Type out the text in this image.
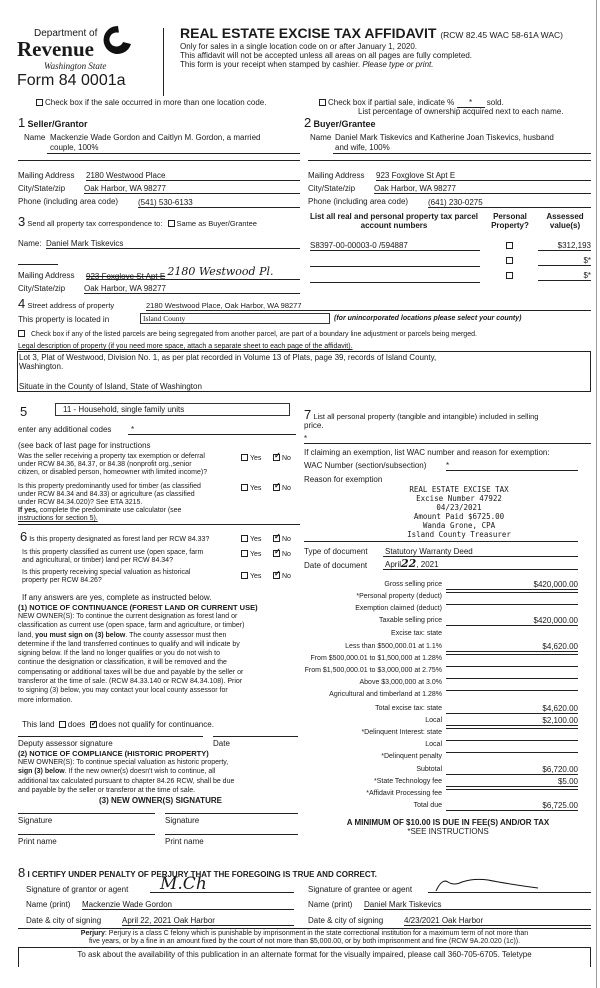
Department of
Revenue
Washington State
Form 84 0001a
REAL ESTATE EXCISE TAX AFFIDAVIT (RCW 82.45 WAC 58-61A WAC)
Only for sales in a single location code on or after January 1, 2020.
This affidavit will not be accepted unless all areas on all pages are fully completed.
This form is your receipt when stamped by cashier. Please type or print.
Check box if the sale occurred in more than one location code.	Check box if partial sale, indicate % * sold.
List percentage of ownership acquired next to each name.
1 Seller/Grantor
Name Mackenzie Wade Gordon and Caitlyn M. Gordon, a married
couple, 100%
Mailing Address 2180 Westwood Place
City/State/zip Oak Harbor, WA 98277
Phone (including area code) (541) 530-6133
2 Buyer/Grantee
Name Daniel Mark Tiskevics and Katherine Joan Tiskevics, husband
and wife, 100%
Mailing Address 923 Foxglove St Apt E
City/State/zip Oak Harbor, WA 98277
Phone (including area code) (641) 230-0275
3 Send all property tax correspondence to: Same as Buyer/Grantee
Name: Daniel Mark Tiskevics
Mailing Address 923 Foxglove St Apt E 2180 Westwood Pl.
City/State/zip Oak Harbor, WA 98277
List all real and personal property tax parcel account numbers
Personal Property?
Assessed value(s)
S8397-00-00003-0 /594887	$312,193
$*
$*
4 Street address of property	2180 Westwood Place, Oak Harbor, WA 98277
This property is located in	Island County	(for unincorporated locations please select your county)
Check box if any of the listed parcels are being segregated from another parcel, are part of a boundary line adjustment or parcels being merged.
Legal description of property (if you need more space, attach a separate sheet to each page of the affidavit).
Lot 3, Plat of Westwood, Division No. 1, as per plat recorded in Volume 13 of Plats, page 39, records of Island County,
Washington.
Situate in the County of Island, State of Washington
5	11 - Household, single family units
enter any additional codes	*
(see back of last page for instructions
Was the seller receiving a property tax exemption or deferral
under RCW 84.36, 84.37, or 84.38 (nonprofit org.,senior
citizen, or disabled person, homeowner with limited income)?
Yes ✓	No
Is this property predominantly used for timber (as classified
under RCW 84.34 and 84.33) or agriculture (as classified
under RCW 84.34.020)? See ETA 3215.
If yes, complete the predominate use calculator (see
instructions for section 5).
Yes ✓	No
6 Is this property designated as forest land per RCW 84.33?	Yes ✓	No
Is this property classified as current use (open space, farm
and agricultural, or timber) land per RCW 84.34?
Yes ✓	No
Is this property receiving special valuation as historical
property per RCW 84.26?
Yes ✓	No
If any answers are yes, complete as instructed below.
(1) NOTICE OF CONTINUANCE (FOREST LAND OR CURRENT USE)
NEW OWNER(S): To continue the current designation as forest land or
classification as current use (open space, farm and agriculture, or timber)
land, you must sign on (3) below. The county assessor must then
determine if the land transferred continues to qualify and will indicate by
signing below. If the land no longer qualifies or you do not wish to
continue the designation or classification, it will be removed and the
compensating or additional taxes will be due and payable by the seller or
transferor at the time of sale. (RCW 84.33.140 or RCW 84.34.108). Prior
to signing (3) below, you may contact your local county assessor for
more information.
This land does ✓ does not qualify for continuance.
Deputy assessor signature	Date
(2) NOTICE OF COMPLIANCE (HISTORIC PROPERTY)
NEW OWNER(S): To continue special valuation as historic property,
sign (3) below. If the new owner(s) doesn't wish to continue, all
additional tax calculated pursuant to chapter 84.26 RCW, shall be due
and payable by the seller or transferor at the time of sale.
(3) NEW OWNER(S) SIGNATURE
Signature	Signature
Print name	Print name
7 List all personal property (tangible and intangible) included in selling
price.
*
If claiming an exemption, list WAC number and reason for exemption:
WAC Number (section/subsection) *
Reason for exemption
REAL ESTATE EXCISE TAX
Excise Number 47922
04/23/2021
Amount Paid $6725.00
Wanda Grone, CPA
Island County Treasurer
Type of document Statutory Warranty Deed
Date of document April22, 2021
Gross selling price	$420,000.00
*Personal property (deduct)
Exemption claimed (deduct)
Taxable selling price	$420,000.00
Excise tax: state
Less than $500,000.01 at 1.1%	$4,620.00
From $500,000.01 to $1,500,000 at 1.28%
From $1,500,000.01 to $3,000,000 at 2.75%
Above $3,000,000 at 3.0%
Agricultural and timberland at 1.28%
Total excise tax: state	$4,620.00
Local	$2,100.00
*Delinquent Interest: state
Local
*Delinquent penalty
Subtotal	$6,720.00
*State Technology fee	$5.00
*Affidavit Processing fee
Total due	$6,725.00
A MINIMUM OF $10.00 IS DUE IN FEE(S) AND/OR TAX
*SEE INSTRUCTIONS
8 I CERTIFY UNDER PENALTY OF PERJURY THAT THE FOREGOING IS TRUE AND CORRECT.
Signature of grantor or agent	M.Ch	Signature of grantee or agent
Name (print) Mackenzie Wade Gordon	Name (print) Daniel Mark Tiskevics
Date & city of signing	April 22, 2021 Oak Harbor	Date & city of signing	4/23/2021 Oak Harbor
Perjury: Perjury is a class C felony which is punishable by imprisonment in the state correctional institution for a maximum term of not more than
five years, or by a fine in an amount fixed by the court of not more than $5,000.00, or by both imprisonment and fine (RCW 9A.20.020 (1c)).
To ask about the availability of this publication in an alternate format for the visually impaired, please call 360-705-6705. Teletype
